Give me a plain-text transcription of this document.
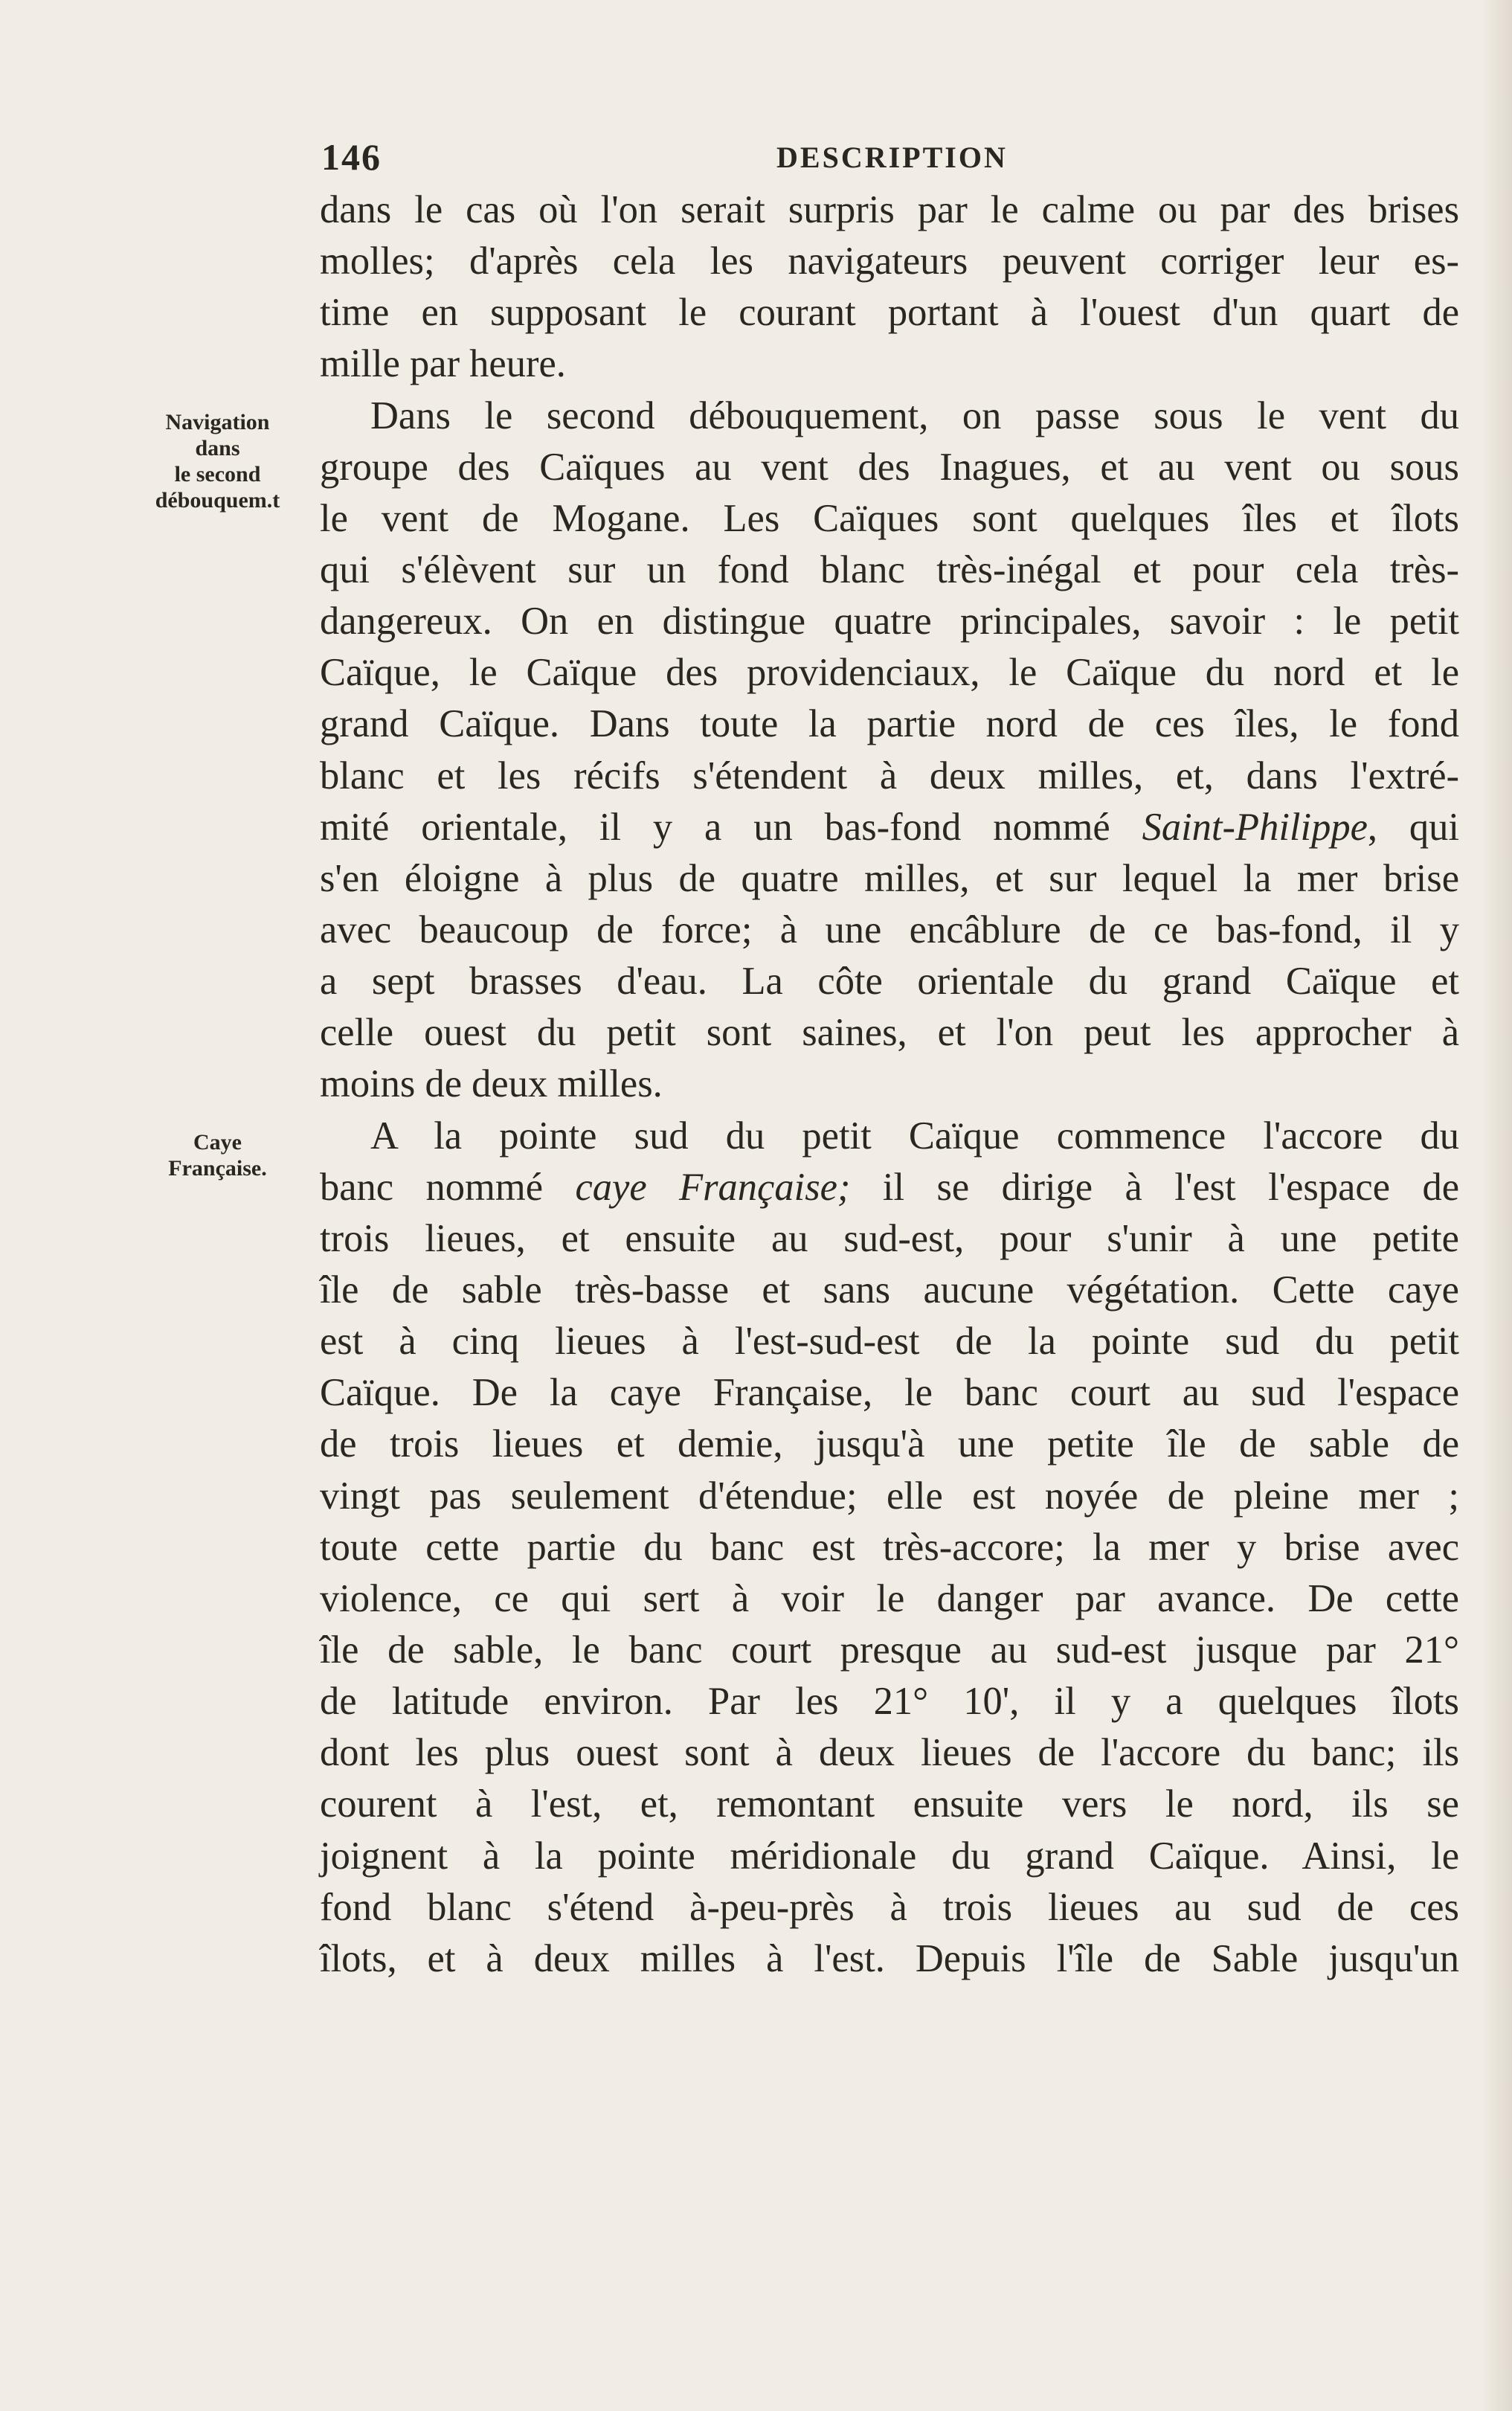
146	DESCRIPTION
Navigation
dans
le second
débouquem.t
Caye
Française.
dans le cas où l'on serait surpris par le calme ou par des brises
molles; d'après cela les navigateurs peuvent corriger leur es-
time en supposant le courant portant à l'ouest d'un quart de
mille par heure.
Dans le second débouquement, on passe sous le vent du
groupe des Caïques au vent des Inagues, et au vent ou sous
le vent de Mogane. Les Caïques sont quelques îles et îlots
qui s'élèvent sur un fond blanc très-inégal et pour cela très-
dangereux. On en distingue quatre principales, savoir : le petit
Caïque, le Caïque des providenciaux, le Caïque du nord et le
grand Caïque. Dans toute la partie nord de ces îles, le fond
blanc et les récifs s'étendent à deux milles, et, dans l'extré-
mité orientale, il y a un bas-fond nommé Saint-Philippe, qui
s'en éloigne à plus de quatre milles, et sur lequel la mer brise
avec beaucoup de force; à une encâblure de ce bas-fond, il y
a sept brasses d'eau. La côte orientale du grand Caïque et
celle ouest du petit sont saines, et l'on peut les approcher à
moins de deux milles.
A la pointe sud du petit Caïque commence l'accore du
banc nommé caye Française; il se dirige à l'est l'espace de
trois lieues, et ensuite au sud-est, pour s'unir à une petite
île de sable très-basse et sans aucune végétation. Cette caye
est à cinq lieues à l'est-sud-est de la pointe sud du petit
Caïque. De la caye Française, le banc court au sud l'espace
de trois lieues et demie, jusqu'à une petite île de sable de
vingt pas seulement d'étendue; elle est noyée de pleine mer ;
toute cette partie du banc est très-accore; la mer y brise avec
violence, ce qui sert à voir le danger par avance. De cette
île de sable, le banc court presque au sud-est jusque par 21°
de latitude environ. Par les 21° 10', il y a quelques îlots
dont les plus ouest sont à deux lieues de l'accore du banc; ils
courent à l'est, et, remontant ensuite vers le nord, ils se
joignent à la pointe méridionale du grand Caïque. Ainsi, le
fond blanc s'étend à-peu-près à trois lieues au sud de ces
îlots, et à deux milles à l'est. Depuis l'île de Sable jusqu'un
